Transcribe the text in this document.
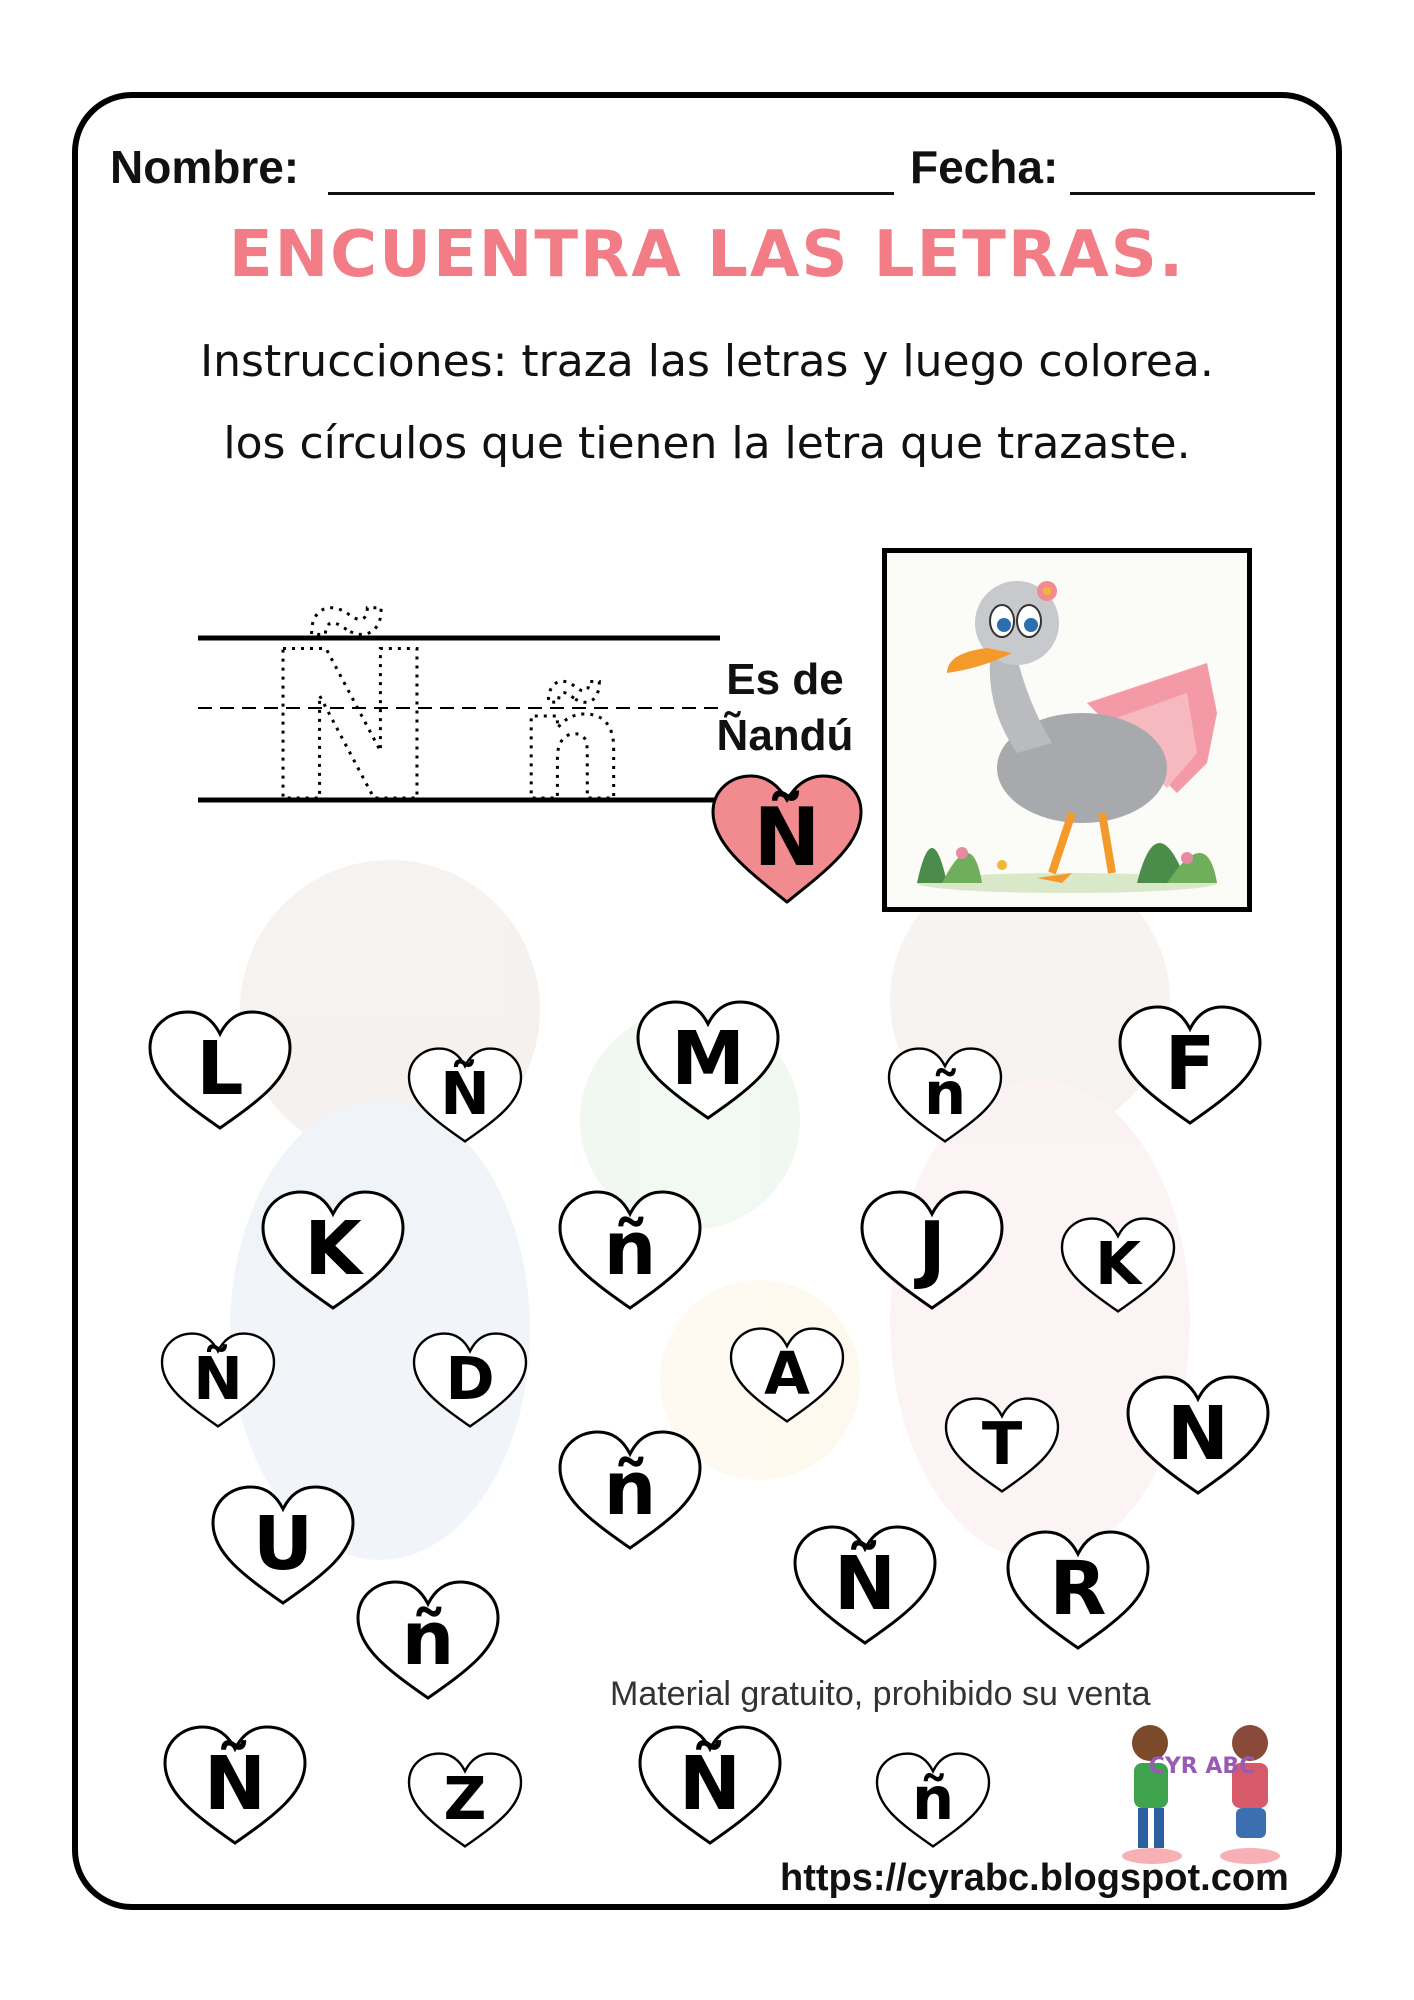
Nombre:	Fecha:
ENCUENTRA LAS LETRAS.
Instrucciones: traza las letras y luego colorea.
los círculos que tienen la letra que trazaste.
Ñ ñ	Es de
Ñandú
Ñ
L	Ñ M ñ	F
K	ñ	J K
Ñ	D	A
T N
ñ
U	Ñ R
ñ
Ñ Z	Ñ ñ
Material gratuito, prohibido su venta
CYR ABC
https://cyrabc.blogspot.com
